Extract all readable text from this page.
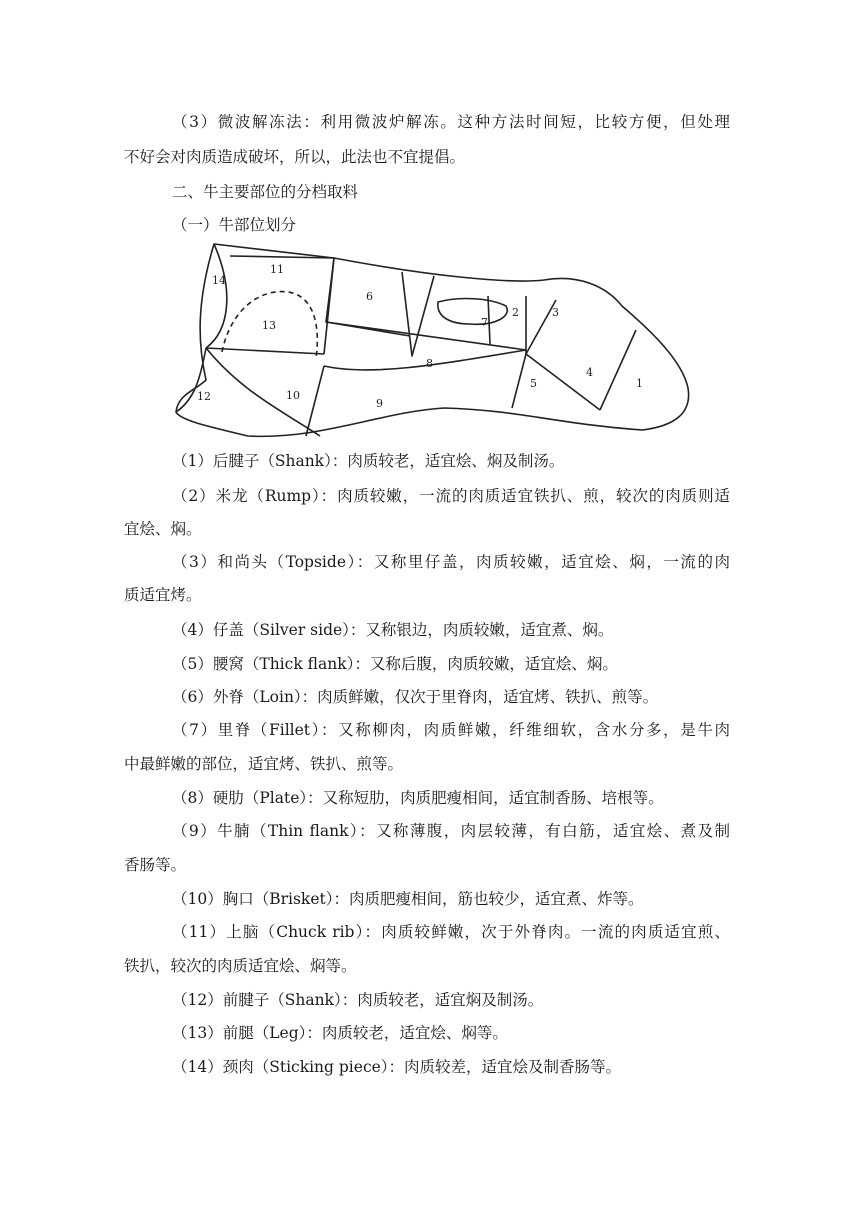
（3）微波解冻法：利用微波炉解冻。这种方法时间短，比较方便，但处理
不好会对肉质造成破坏，所以，此法也不宜提倡。
二、牛主要部位的分档取料
（一）牛部位划分
1
2	3
4
5
6
7
8
9
10
11
12
13
14
（1）后腱子（Shank）：肉质较老，适宜烩、焖及制汤。
（2）米龙（Rump）：肉质较嫩，一流的肉质适宜铁扒、煎，较次的肉质则适
宜烩、焖。
（3）和尚头（Topside）：又称里仔盖，肉质较嫩，适宜烩、焖，一流的肉
质适宜烤。
（4）仔盖（Silver side）：又称银边，肉质较嫩，适宜煮、焖。
（5）腰窝（Thick flank）：又称后腹，肉质较嫩，适宜烩、焖。
（6）外脊（Loin）：肉质鲜嫩，仅次于里脊肉，适宜烤、铁扒、煎等。
（7）里脊（Fillet）：又称柳肉，肉质鲜嫩，纤维细软，含水分多，是牛肉
中最鲜嫩的部位，适宜烤、铁扒、煎等。
（8）硬肋（Plate）：又称短肋，肉质肥瘦相间，适宜制香肠、培根等。
（9）牛腩（Thin flank）：又称薄腹，肉层较薄，有白筋，适宜烩、煮及制
香肠等。
（10）胸口（Brisket）：肉质肥瘦相间，筋也较少，适宜煮、炸等。
（11）上脑（Chuck rib）：肉质较鲜嫩，次于外脊肉。一流的肉质适宜煎、
铁扒，较次的肉质适宜烩、焖等。
（12）前腱子（Shank）：肉质较老，适宜焖及制汤。
（13）前腿（Leg）：肉质较老，适宜烩、焖等。
（14）颈肉（Sticking piece）：肉质较差，适宜烩及制香肠等。
